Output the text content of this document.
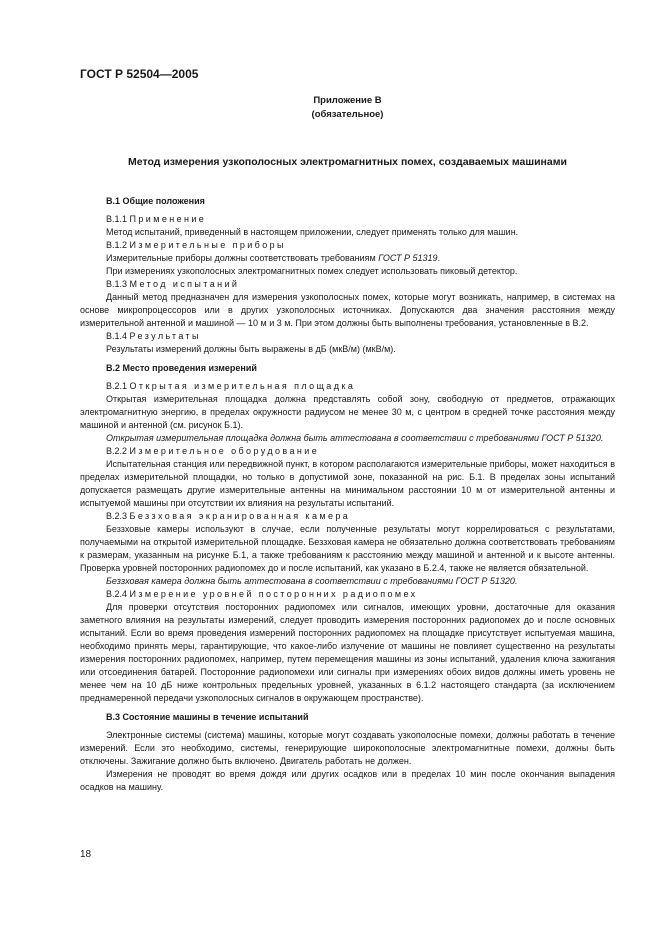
ГОСТ Р 52504—2005
Приложение В
(обязательное)
Метод измерения узкополосных электромагнитных помех, создаваемых машинами

В.1 Общие положения

В.1.1 Применение

Метод испытаний, приведенный в настоящем приложении, следует применять только для машин.

В.1.2 Измерительные приборы

Измерительные приборы должны соответствовать требованиям ГОСТ Р 51319.

При измерениях узкополосных электромагнитных помех следует использовать пиковый детектор.

В.1.3 Метод испытаний

Данный метод предназначен для измерения узкополосных помех, которые могут возникать, например, в системах на основе микропроцессоров или в других узкополосных источниках. Допускаются два значения расстояния между измерительной антенной и машиной — 10 м и 3 м. При этом должны быть выполнены требования, установленные в В.2.

В.1.4 Результаты

Результаты измерений должны быть выражены в дБ (мкВ/м) (мкВ/м).

В.2 Место проведения измерений

В.2.1 Открытая измерительная площадка

Открытая измерительная площадка должна представлять собой зону, свободную от предметов, отражающих электромагнитную энергию, в пределах окружности радиусом не менее 30 м, с центром в средней точке расстояния между машиной и антенной (см. рисунок Б.1).

Открытая измерительная площадка должна быть аттестована в соответствии с требованиями ГОСТ Р 51320.

В.2.2 Измерительное оборудование

Испытательная станция или передвижной пункт, в котором располагаются измерительные приборы, может находиться в пределах измерительной площадки, но только в допустимой зоне, показанной на рис. Б.1. В пределах зоны испытаний допускается размещать другие измерительные антенны на минимальном расстоянии 10 м от измерительной антенны и испытуемой машины при отсутствии их влияния на результаты испытаний.

В.2.3 Беззховая экранированная камера

Беззховые камеры используют в случае, если полученные результаты могут коррелироваться с результатами, получаемыми на открытой измерительной площадке. Беззховая камера не обязательно должна соответствовать требованиям к размерам, указанным на рисунке Б.1, а также требованиям к расстоянию между машиной и антенной и к высоте антенны. Проверка уровней посторонних радиопомех до и после испытаний, как указано в Б.2.4, также не является обязательной.

Беззховая камера должна быть аттестована в соответствии с требованиями ГОСТ Р 51320.

В.2.4 Измерение уровней посторонних радиопомех

Для проверки отсутствия посторонних радиопомех или сигналов, имеющих уровни, достаточные для оказания заметного влияния на результаты измерений, следует проводить измерения посторонних радиопомех до и после основных испытаний. Если во время проведения измерений посторонних радиопомех на площадке присутствует испытуемая машина, необходимо принять меры, гарантирующие, что какое-либо излучение от машины не повлияет существенно на результаты измерения посторонних радиопомех, например, путем перемещения машины из зоны испытаний, удаления ключа зажигания или отсоединения батарей. Посторонние радиопомехи или сигналы при измерениях обоих видов должны иметь уровень не менее чем на 10 дБ ниже контрольных предельных уровней, указанных в 6.1.2 настоящего стандарта (за исключением преднамеренной передачи узкополосных сигналов в окружающем пространстве).

В.3 Состояние машины в течение испытаний

Электронные системы (система) машины, которые могут создавать узкополосные помехи, должны работать в течение измерений. Если это необходимо, системы, генерирующие широкополосные электромагнитные помехи, должны быть отключены. Зажигание должно быть включено. Двигатель работать не должен.

Измерения не проводят во время дождя или других осадков или в пределах 10 мин после окончания выпадения осадков на машину.

18
